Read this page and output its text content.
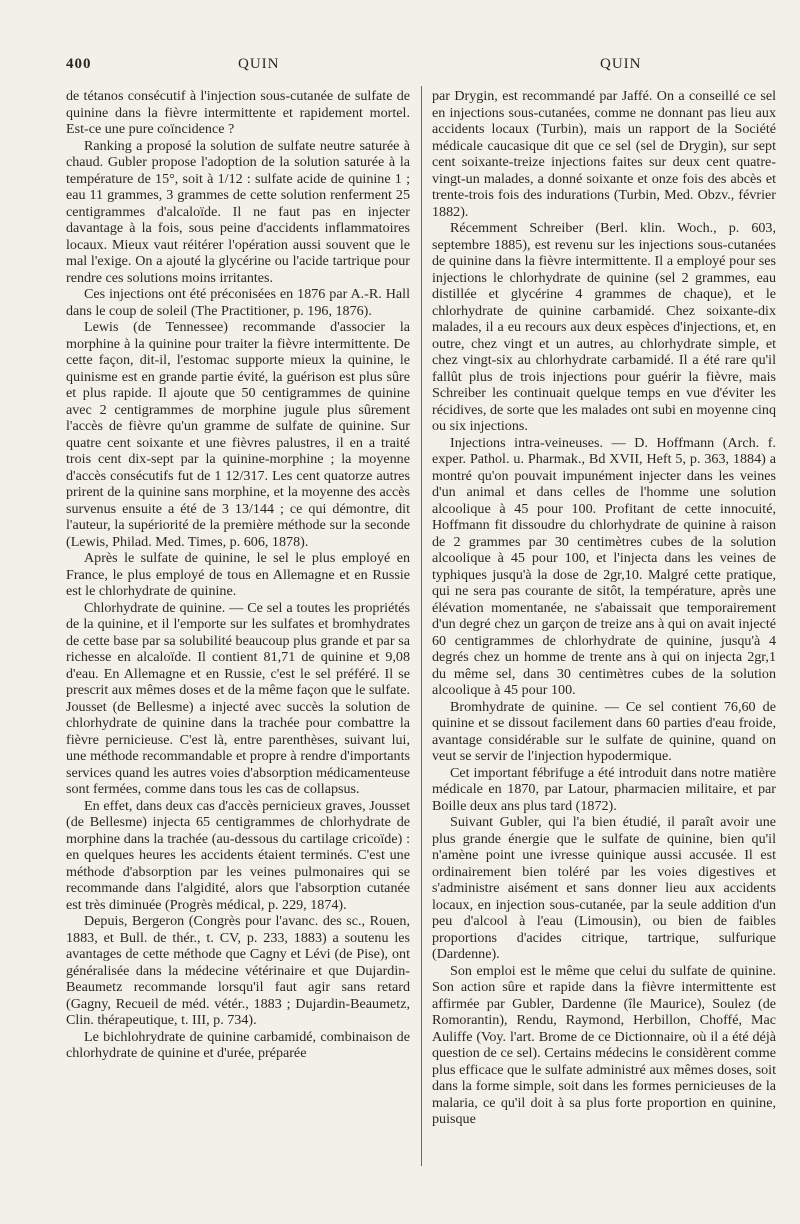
400	QUIN	QUIN

de tétanos consécutif à l'injection sous-cutanée de sulfate de quinine dans la fièvre intermittente et rapidement mortel. Est-ce une pure coïncidence ?

Ranking a proposé la solution de sulfate neutre saturée à chaud. Gubler propose l'adoption de la solution saturée à la température de 15°, soit à 1/12 : sulfate acide de quinine 1 ; eau 11 grammes, 3 grammes de cette solution renferment 25 centigrammes d'alcaloïde. Il ne faut pas en injecter davantage à la fois, sous peine d'accidents inflammatoires locaux. Mieux vaut réitérer l'opération aussi souvent que le mal l'exige. On a ajouté la glycérine ou l'acide tartrique pour rendre ces solutions moins irritantes.

Ces injections ont été préconisées en 1876 par A.-R. Hall dans le coup de soleil (The Practitioner, p. 196, 1876).

Lewis (de Tennessee) recommande d'associer la morphine à la quinine pour traiter la fièvre intermittente. De cette façon, dit-il, l'estomac supporte mieux la quinine, le quinisme est en grande partie évité, la guérison est plus sûre et plus rapide. Il ajoute que 50 centigrammes de quinine avec 2 centigrammes de morphine jugule plus sûrement l'accès de fièvre qu'un gramme de sulfate de quinine. Sur quatre cent soixante et une fièvres palustres, il en a traité trois cent dix-sept par la quinine-morphine ; la moyenne d'accès consécutifs fut de 1 12/317. Les cent quatorze autres prirent de la quinine sans morphine, et la moyenne des accès survenus ensuite a été de 3 13/144 ; ce qui démontre, dit l'auteur, la supériorité de la première méthode sur la seconde (Lewis, Philad. Med. Times, p. 606, 1878).

Après le sulfate de quinine, le sel le plus employé en France, le plus employé de tous en Allemagne et en Russie est le chlorhydrate de quinine.

Chlorhydrate de quinine. — Ce sel a toutes les propriétés de la quinine, et il l'emporte sur les sulfates et bromhydrates de cette base par sa solubilité beaucoup plus grande et par sa richesse en alcaloïde. Il contient 81,71 de quinine et 9,08 d'eau. En Allemagne et en Russie, c'est le sel préféré. Il se prescrit aux mêmes doses et de la même façon que le sulfate. Jousset (de Bellesme) a injecté avec succès la solution de chlorhydrate de quinine dans la trachée pour combattre la fièvre pernicieuse. C'est là, entre parenthèses, suivant lui, une méthode recommandable et propre à rendre d'importants services quand les autres voies d'absorption médicamenteuse sont fermées, comme dans tous les cas de collapsus.

En effet, dans deux cas d'accès pernicieux graves, Jousset (de Bellesme) injecta 65 centigrammes de chlorhydrate de morphine dans la trachée (au-dessous du cartilage cricoïde) : en quelques heures les accidents étaient terminés. C'est une méthode d'absorption par les veines pulmonaires qui se recommande dans l'algidité, alors que l'absorption cutanée est très diminuée (Progrès médical, p. 229, 1874).

Depuis, Bergeron (Congrès pour l'avanc. des sc., Rouen, 1883, et Bull. de thér., t. CV, p. 233, 1883) a soutenu les avantages de cette méthode que Cagny et Lévi (de Pise), ont généralisée dans la médecine vétérinaire et que Dujardin-Beaumetz recommande lorsqu'il faut agir sans retard (Gagny, Recueil de méd. vétér., 1883 ; Dujardin-Beaumetz, Clin. thérapeutique, t. III, p. 734).

Le bichlohrydrate de quinine carbamidé, combinaison de chlorhydrate de quinine et d'urée, préparée

par Drygin, est recommandé par Jaffé. On a conseillé ce sel en injections sous-cutanées, comme ne donnant pas lieu aux accidents locaux (Turbin), mais un rapport de la Société médicale caucasique dit que ce sel (sel de Drygin), sur sept cent soixante-treize injections faites sur deux cent quatre-vingt-un malades, a donné soixante et onze fois des abcès et trente-trois fois des indurations (Turbin, Med. Obzv., février 1882).

Récemment Schreiber (Berl. klin. Woch., p. 603, septembre 1885), est revenu sur les injections sous-cutanées de quinine dans la fièvre intermittente. Il a employé pour ses injections le chlorhydrate de quinine (sel 2 grammes, eau distillée et glycérine 4 grammes de chaque), et le chlorhydrate de quinine carbamidé. Chez soixante-dix malades, il a eu recours aux deux espèces d'injections, et, en outre, chez vingt et un autres, au chlorhydrate simple, et chez vingt-six au chlorhydrate carbamidé. Il a été rare qu'il fallût plus de trois injections pour guérir la fièvre, mais Schreiber les continuait quelque temps en vue d'éviter les récidives, de sorte que les malades ont subi en moyenne cinq ou six injections.

Injections intra-veineuses. — D. Hoffmann (Arch. f. exper. Pathol. u. Pharmak., Bd XVII, Heft 5, p. 363, 1884) a montré qu'on pouvait impunément injecter dans les veines d'un animal et dans celles de l'homme une solution alcoolique à 45 pour 100. Profitant de cette innocuité, Hoffmann fit dissoudre du chlorhydrate de quinine à raison de 2 grammes par 30 centimètres cubes de la solution alcoolique à 45 pour 100, et l'injecta dans les veines de typhiques jusqu'à la dose de 2gr,10. Malgré cette pratique, qui ne sera pas courante de sitôt, la température, après une élévation momentanée, ne s'abaissait que temporairement d'un degré chez un garçon de treize ans à qui on avait injecté 60 centigrammes de chlorhydrate de quinine, jusqu'à 4 degrés chez un homme de trente ans à qui on injecta 2gr,1 du même sel, dans 30 centimètres cubes de la solution alcoolique à 45 pour 100.

Bromhydrate de quinine. — Ce sel contient 76,60 de quinine et se dissout facilement dans 60 parties d'eau froide, avantage considérable sur le sulfate de quinine, quand on veut se servir de l'injection hypodermique.

Cet important fébrifuge a été introduit dans notre matière médicale en 1870, par Latour, pharmacien militaire, et par Boille deux ans plus tard (1872).

Suivant Gubler, qui l'a bien étudié, il paraît avoir une plus grande énergie que le sulfate de quinine, bien qu'il n'amène point une ivresse quinique aussi accusée. Il est ordinairement bien toléré par les voies digestives et s'administre aisément et sans donner lieu aux accidents locaux, en injection sous-cutanée, par la seule addition d'un peu d'alcool à l'eau (Limousin), ou bien de faibles proportions d'acides citrique, tartrique, sulfurique (Dardenne).

Son emploi est le même que celui du sulfate de quinine. Son action sûre et rapide dans la fièvre intermittente est affirmée par Gubler, Dardenne (île Maurice), Soulez (de Romorantin), Rendu, Raymond, Herbillon, Choffé, Mac Auliffe (Voy. l'art. Brome de ce Dictionnaire, où il a été déjà question de ce sel). Certains médecins le considèrent comme plus efficace que le sulfate administré aux mêmes doses, soit dans la forme simple, soit dans les formes pernicieuses de la malaria, ce qu'il doit à sa plus forte proportion en quinine, puisque
